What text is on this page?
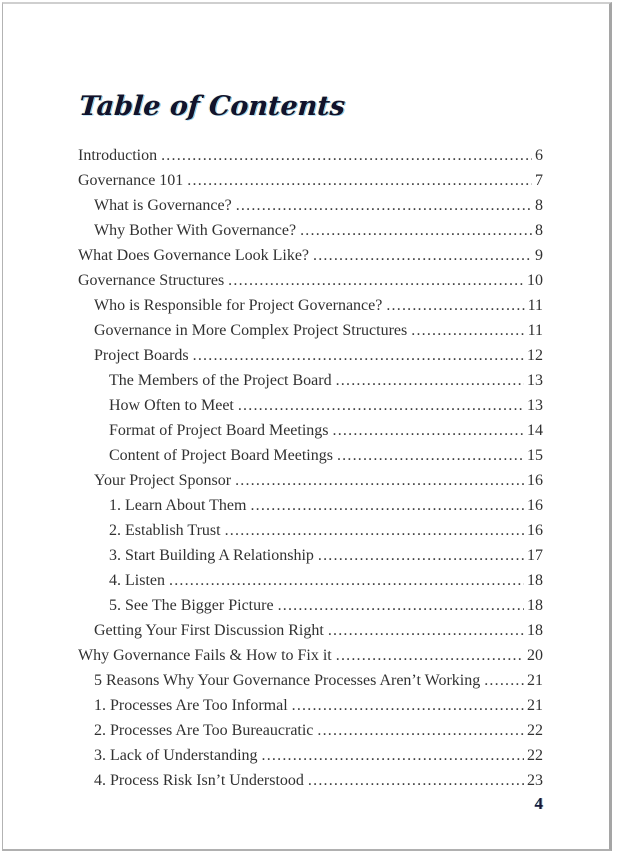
Table of Contents
Introduction .....	6
Governance 101 .....	7
What is Governance? .....	8
Why Bother With Governance? .....	8
What Does Governance Look Like? .....	9
Governance Structures .....	10
Who is Responsible for Project Governance? .....	11
Governance in More Complex Project Structures .....	11
Project Boards .....	12
The Members of the Project Board .....	13
How Often to Meet .....	13
Format of Project Board Meetings .....	14
Content of Project Board Meetings .....	15
Your Project Sponsor .....	16
1. Learn About Them .....	16
2. Establish Trust .....	16
3. Start Building A Relationship .....	17
4. Listen .....	18
5. See The Bigger Picture .....	18
Getting Your First Discussion Right .....	18
Why Governance Fails & How to Fix it .....	20
5 Reasons Why Your Governance Processes Aren’t Working .....	21
1. Processes Are Too Informal .....	21
2. Processes Are Too Bureaucratic .....	22
3. Lack of Understanding .....	22
4. Process Risk Isn’t Understood .....	23
4
